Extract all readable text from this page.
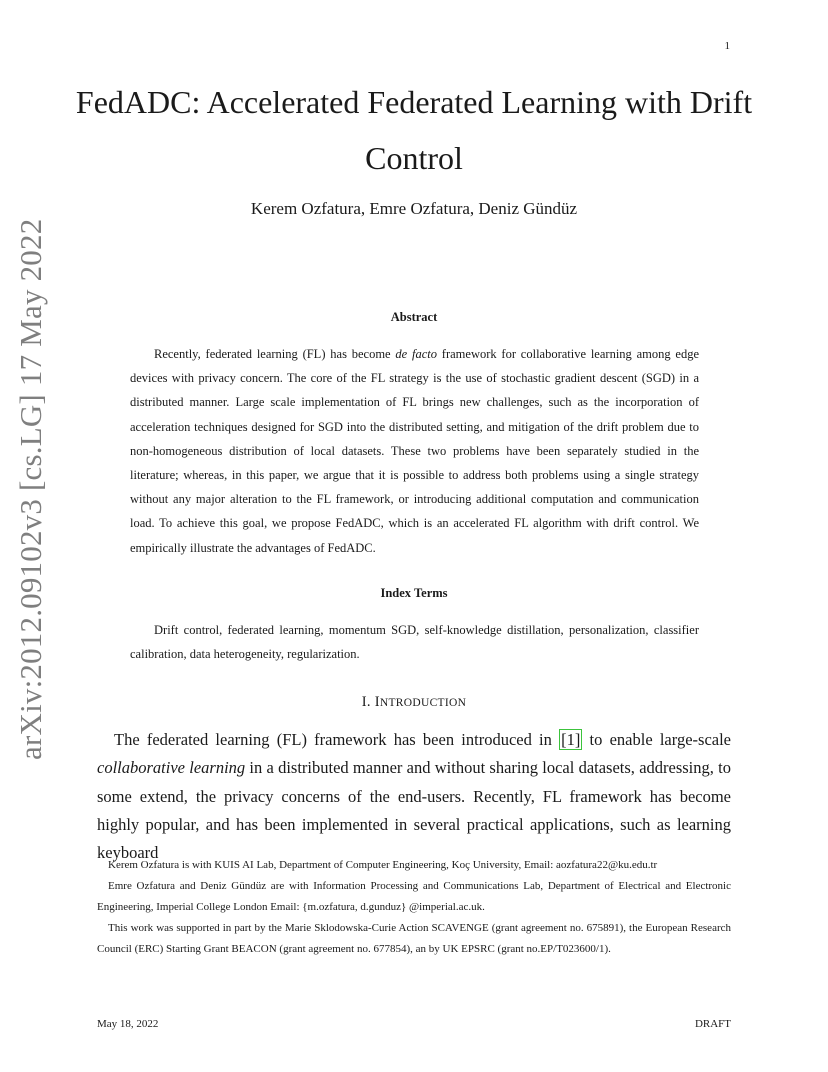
1
FedADC: Accelerated Federated Learning with Drift Control
Kerem Ozfatura, Emre Ozfatura, Deniz Gündüz
arXiv:2012.09102v3 [cs.LG] 17 May 2022	Abstract
Recently, federated learning (FL) has become de facto framework for collaborative learning among edge devices with privacy concern. The core of the FL strategy is the use of stochastic gradient descent (SGD) in a distributed manner. Large scale implementation of FL brings new challenges, such as the incorporation of acceleration techniques designed for SGD into the distributed setting, and mitigation of the drift problem due to non-homogeneous distribution of local datasets. These two problems have been separately studied in the literature; whereas, in this paper, we argue that it is possible to address both problems using a single strategy without any major alteration to the FL framework, or introducing additional computation and communication load. To achieve this goal, we propose FedADC, which is an accelerated FL algorithm with drift control. We empirically illustrate the advantages of FedADC.
Index Terms
Drift control, federated learning, momentum SGD, self-knowledge distillation, personalization, classifier calibration, data heterogeneity, regularization.
I. INTRODUCTION
The federated learning (FL) framework has been introduced in [1] to enable large-scale collaborative learning in a distributed manner and without sharing local datasets, addressing, to some extend, the privacy concerns of the end-users. Recently, FL framework has become highly popular, and has been implemented in several practical applications, such as learning keyboard
Kerem Ozfatura is with KUIS AI Lab, Department of Computer Engineering, Koç University, Email: aozfatura22@ku.edu.tr
Emre Ozfatura and Deniz Gündüz are with Information Processing and Communications Lab, Department of Electrical and Electronic Engineering, Imperial College London Email: {m.ozfatura, d.gunduz} @imperial.ac.uk.
This work was supported in part by the Marie Sklodowska-Curie Action SCAVENGE (grant agreement no. 675891), the European Research Council (ERC) Starting Grant BEACON (grant agreement no. 677854), an by UK EPSRC (grant no.EP/T023600/1).
May 18, 2022	DRAFT
